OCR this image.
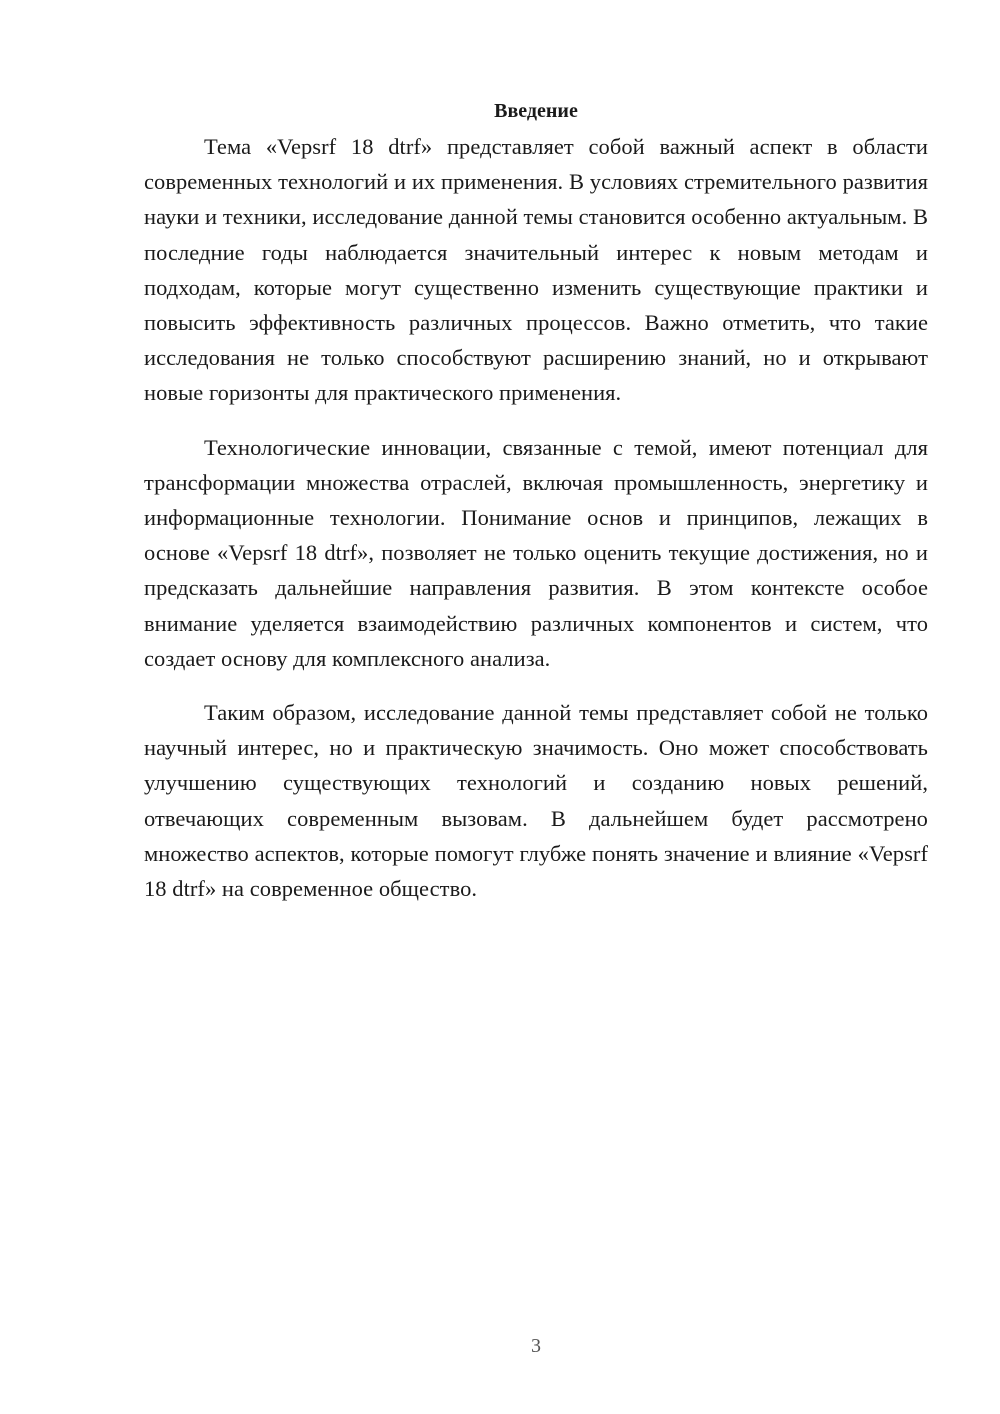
Введение

Тема «Vepsrf 18 dtrf» представляет собой важный аспект в области современных технологий и их применения. В условиях стремительного развития науки и техники, исследование данной темы становится особенно актуальным. В последние годы наблюдается значительный интерес к новым методам и подходам, которые могут существенно изменить существующие практики и повысить эффективность различных процессов. Важно отметить, что такие исследования не только способствуют расширению знаний, но и открывают новые горизонты для практического применения.

Технологические инновации, связанные с темой, имеют потенциал для трансформации множества отраслей, включая промышленность, энергетику и информационные технологии. Понимание основ и принципов, лежащих в основе «Vepsrf 18 dtrf», позволяет не только оценить текущие достижения, но и предсказать дальнейшие направления развития. В этом контексте особое внимание уделяется взаимодействию различных компонентов и систем, что создает основу для комплексного анализа.

Таким образом, исследование данной темы представляет собой не только научный интерес, но и практическую значимость. Оно может способствовать улучшению существующих технологий и созданию новых решений, отвечающих современным вызовам. В дальнейшем будет рассмотрено множество аспектов, которые помогут глубже понять значение и влияние «Vepsrf 18 dtrf» на современное общество.

3
